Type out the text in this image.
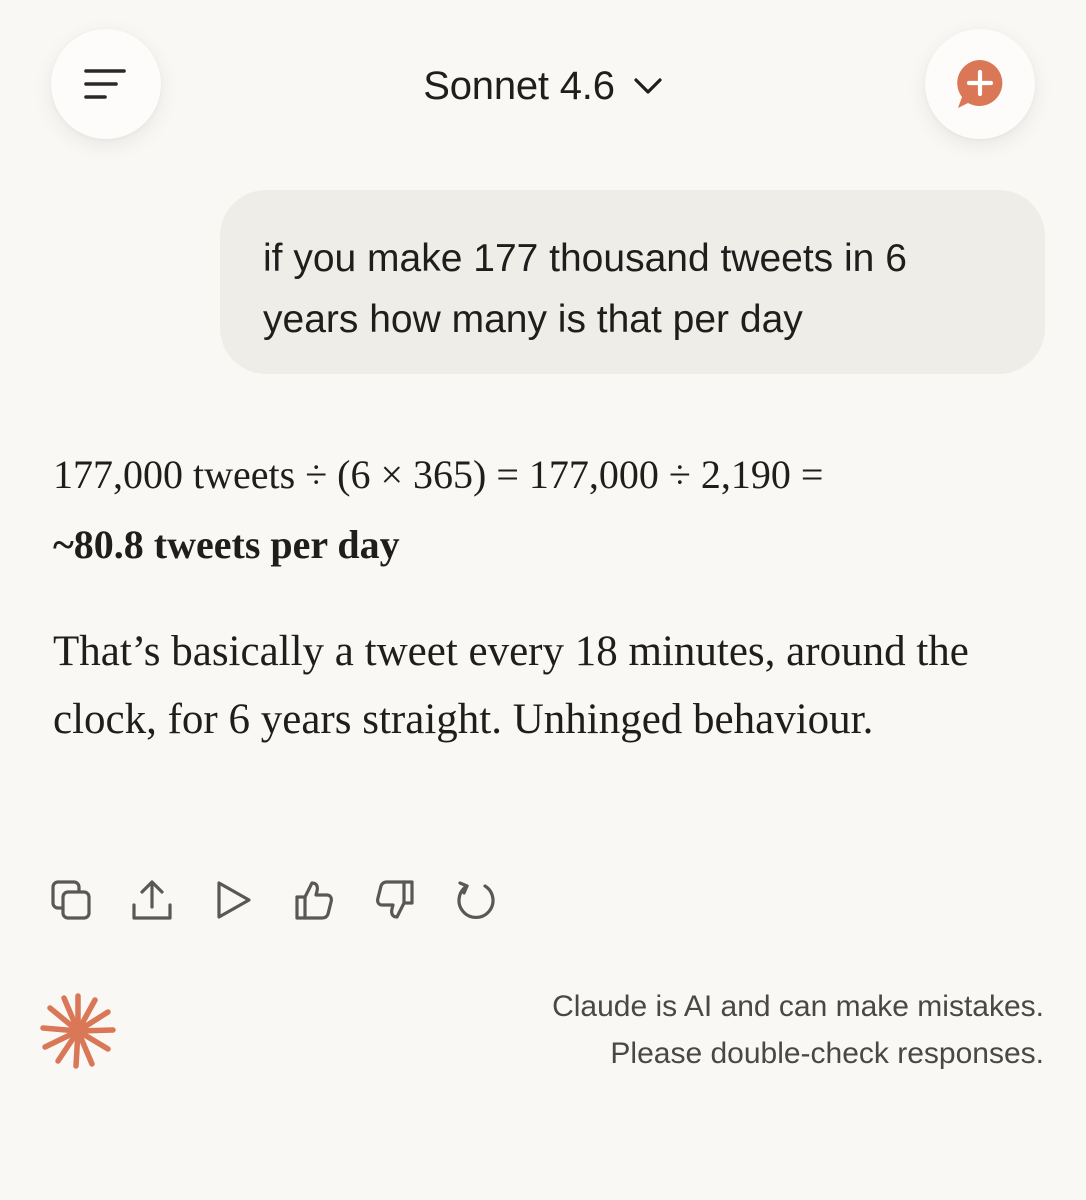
Sonnet 4.6
if you make 177 thousand tweets in 6 years how many is that per day
177,000 tweets ÷ (6 × 365) = 177,000 ÷ 2,190 =
~80.8 tweets per day
That’s basically a tweet every 18 minutes, around the clock, for 6 years straight. Unhinged behaviour.
Claude is AI and can make mistakes.
Please double-check responses.
